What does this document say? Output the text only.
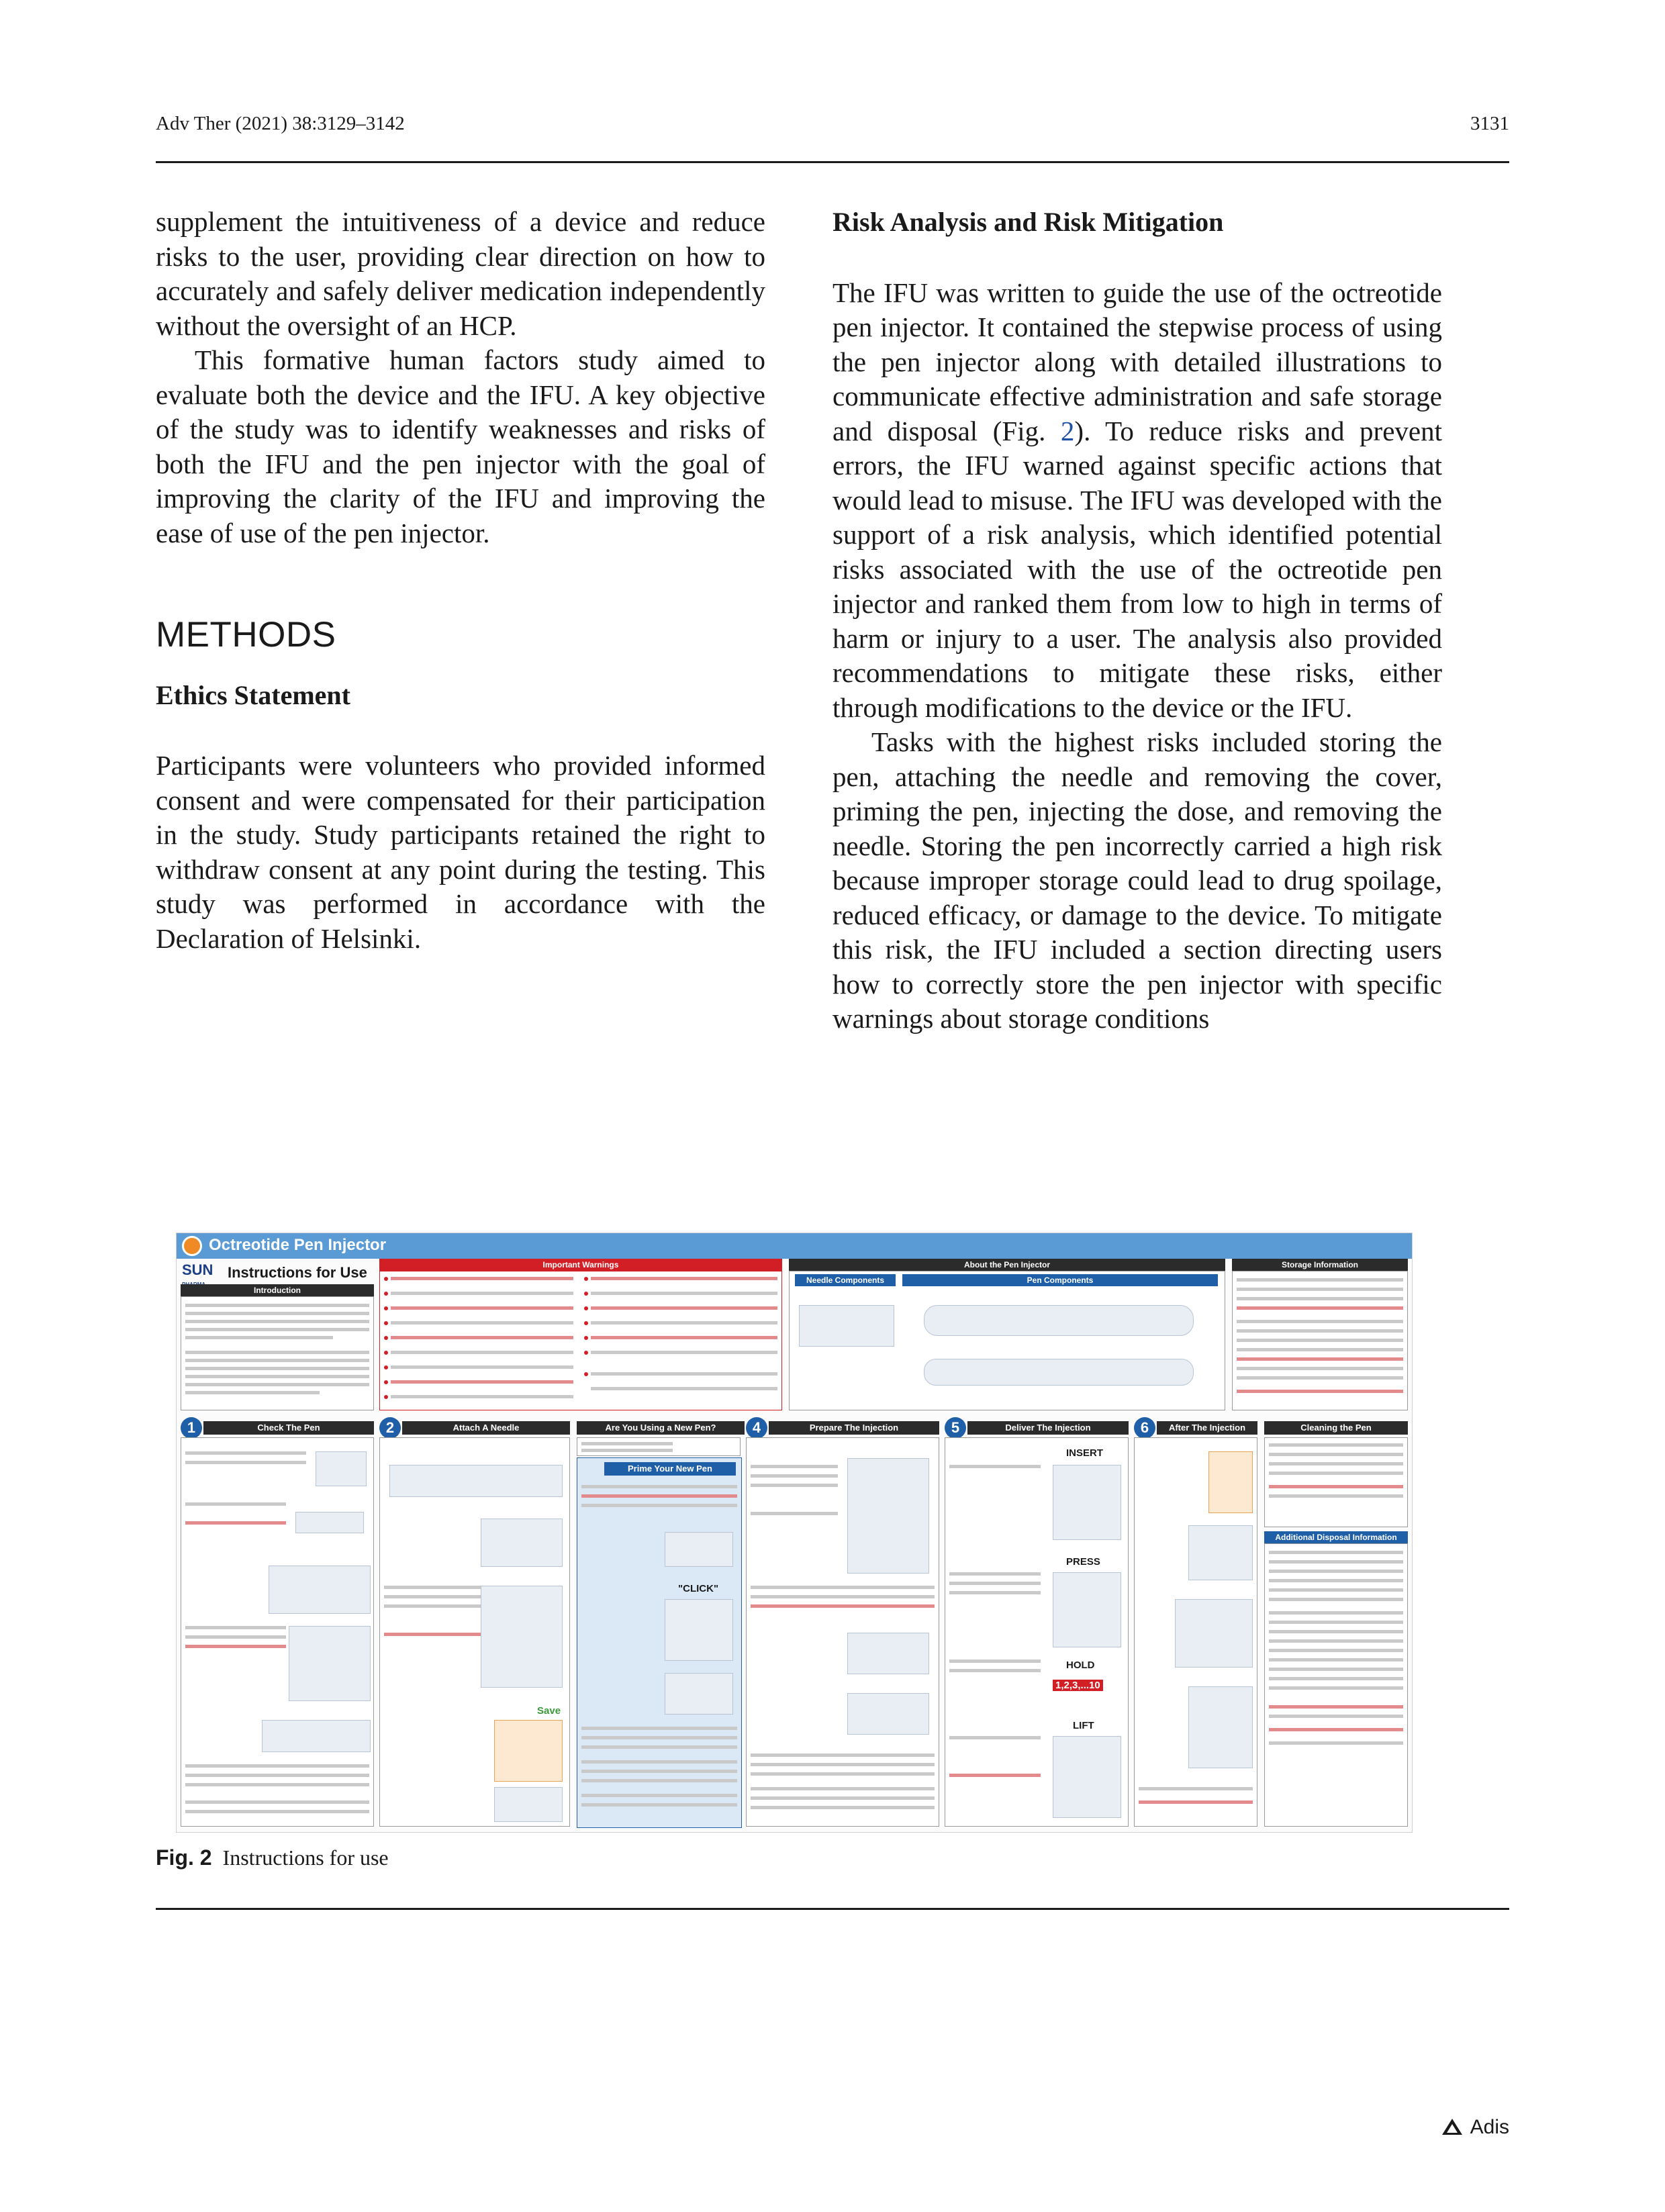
Adv Ther (2021) 38:3129–3142	3131

supplement the intuitiveness of a device and reduce risks to the user, providing clear direction on how to accurately and safely deliver medication independently without the oversight of an HCP.

This formative human factors study aimed to evaluate both the device and the IFU. A key objective of the study was to identify weaknesses and risks of both the IFU and the pen injector with the goal of improving the clarity of the IFU and improving the ease of use of the pen injector.

METHODS
Ethics Statement

Participants were volunteers who provided informed consent and were compensated for their participation in the study. Study participants retained the right to withdraw consent at any point during the testing. This study was performed in accordance with the Declaration of Helsinki.

Risk Analysis and Risk Mitigation

The IFU was written to guide the use of the octreotide pen injector. It contained the stepwise process of using the pen injector along with detailed illustrations to communicate effective administration and safe storage and disposal (Fig. 2). To reduce risks and prevent errors, the IFU warned against specific actions that would lead to misuse. The IFU was developed with the support of a risk analysis, which identified potential risks associated with the use of the octreotide pen injector and ranked them from low to high in terms of harm or injury to a user. The analysis also provided recommendations to mitigate these risks, either through modifications to the device or the IFU.

Tasks with the highest risks included storing the pen, attaching the needle and removing the cover, priming the pen, injecting the dose, and removing the needle. Storing the pen incorrectly carried a high risk because improper storage could lead to drug spoilage, reduced efficacy, or damage to the device. To mitigate this risk, the IFU included a section directing users how to correctly store the pen injector with specific warnings about storage conditions

Octreotide Pen Injector
SUN Instructions for Use
Introduction
Important Warnings	About the Pen Injector
Needle Components	Pen Components
Storage Information
1	Check The Pen	2	Attach A Needle	Are You Using a New Pen?	4	Prepare The Injection	5	Deliver The Injection	6	After The Injection	Cleaning the Pen
Save
Prime Your New Pen
"CLICK"
INSERT
PRESS
HOLD
1,2,3,...10
LIFT
Additional Disposal Information
Fig. 2 Instructions for use
Adis
